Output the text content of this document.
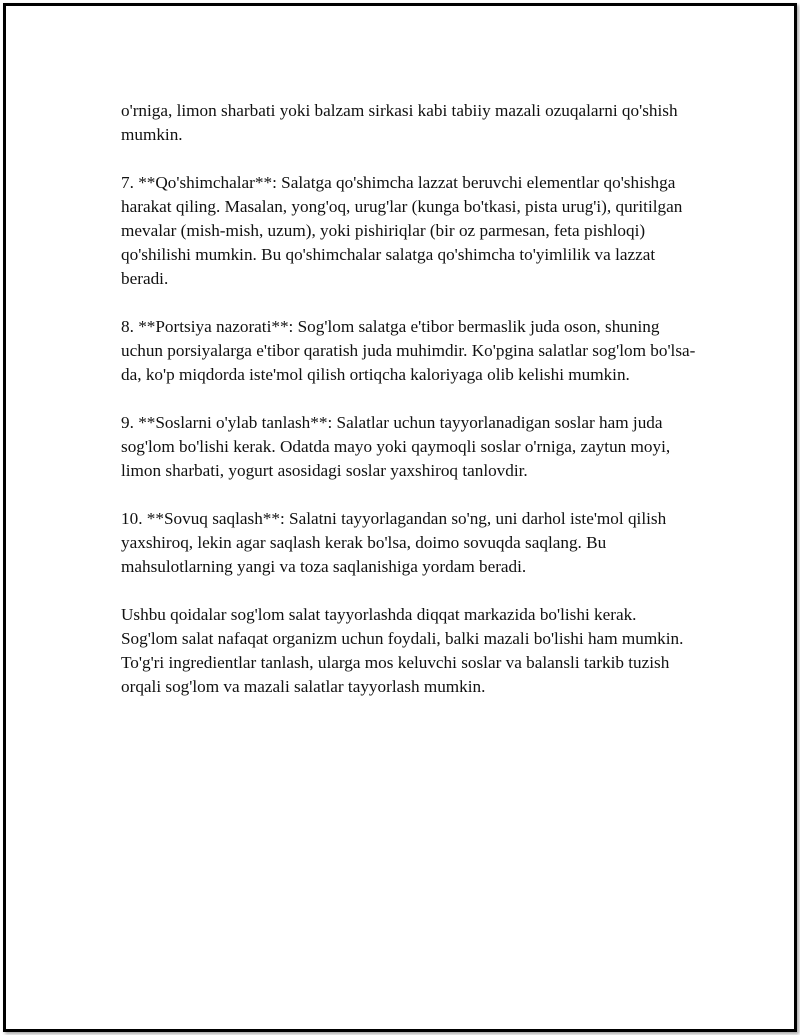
o'rniga, limon sharbati yoki balzam sirkasi kabi tabiiy mazali ozuqalarni qo'shish mumkin.

7. **Qo'shimchalar**: Salatga qo'shimcha lazzat beruvchi elementlar qo'shishga harakat qiling. Masalan, yong'oq, urug'lar (kunga bo'tkasi, pista urug'i), quritilgan mevalar (mish-mish, uzum), yoki pishiriqlar (bir oz parmesan, feta pishloqi) qo'shilishi mumkin. Bu qo'shimchalar salatga qo'shimcha to'yimlilik va lazzat beradi.

8. **Portsiya nazorati**: Sog'lom salatga e'tibor bermaslik juda oson, shuning uchun porsiyalarga e'tibor qaratish juda muhimdir. Ko'pgina salatlar sog'lom bo'lsa-da, ko'p miqdorda iste'mol qilish ortiqcha kaloriyaga olib kelishi mumkin.

9. **Soslarni o'ylab tanlash**: Salatlar uchun tayyorlanadigan soslar ham juda sog'lom bo'lishi kerak. Odatda mayo yoki qaymoqli soslar o'rniga, zaytun moyi, limon sharbati, yogurt asosidagi soslar yaxshiroq tanlovdir.

10. **Sovuq saqlash**: Salatni tayyorlagandan so'ng, uni darhol iste'mol qilish yaxshiroq, lekin agar saqlash kerak bo'lsa, doimo sovuqda saqlang. Bu mahsulotlarning yangi va toza saqlanishiga yordam beradi.

Ushbu qoidalar sog'lom salat tayyorlashda diqqat markazida bo'lishi kerak. Sog'lom salat nafaqat organizm uchun foydali, balki mazali bo'lishi ham mumkin. To'g'ri ingredientlar tanlash, ularga mos keluvchi soslar va balansli tarkib tuzish orqali sog'lom va mazali salatlar tayyorlash mumkin.
